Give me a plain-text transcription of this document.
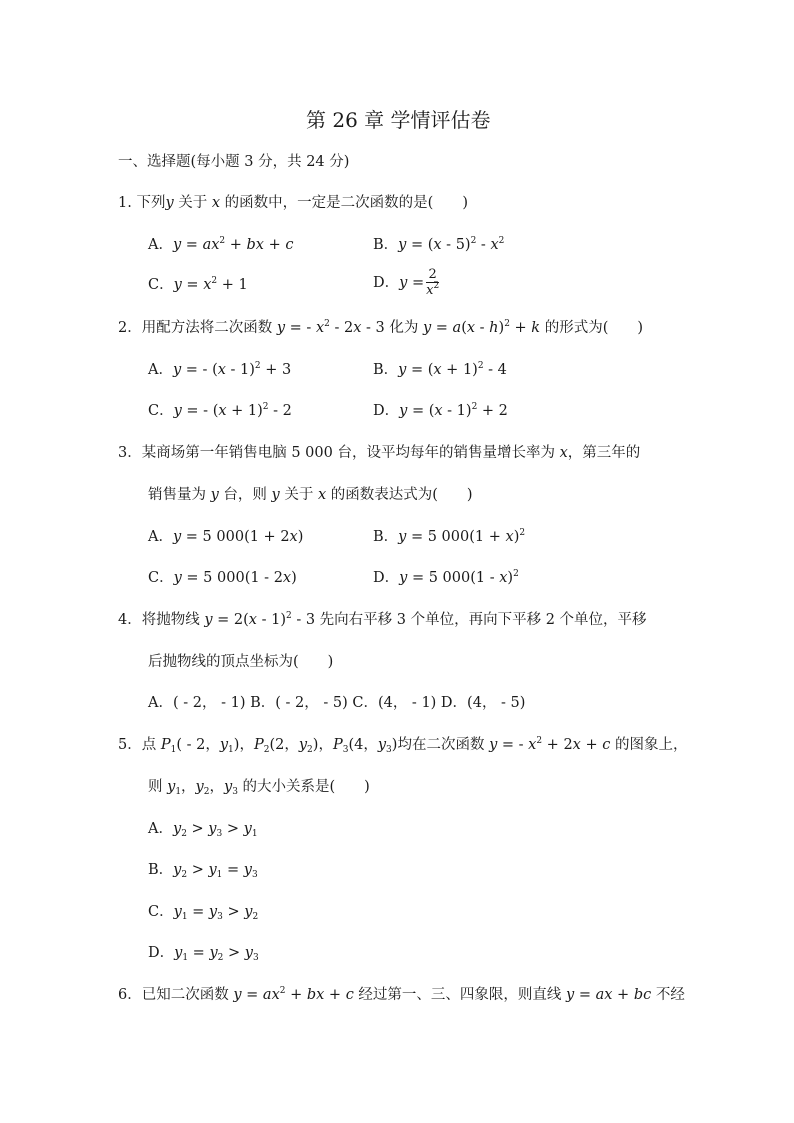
第 26 章 学情评估卷
一、选择题(每小题 3 分，共 24 分)
1. 下列y 关于 x 的函数中，一定是二次函数的是(　　)
A．$y = ax^2$ + bx + c	B．$y = (x - 5)^2 - x^2$
C．$y = x^2 + 1$	D．$y = \frac{2}{x^2}$
2．用配方法将二次函数 y = - $x^2 - 2x - 3$ 化为 y = a(x - h)$^2$ + k 的形式为(　　)
A．y = - (x - 1)$^2$ + 3	B．$y = (x + 1)^2 - 4$
C．y = - $(x + 1)^2 - 2$	D．y = (x - 1)$^2$ + 2
3．某商场第一年销售电脑 5 000 台，设平均每年的销售量增长率为 x，第三年的
销售量为 y 台，则 y 关于 x 的函数表达式为(　　)
A．y = 5 000(1 + 2x)	B．y = 5 $000(1 + x)^2$
C．y = 5 000(1 - 2x)	D．y = 5 000(1 - x)$^2$
4．将抛物线 y = 2(x - 1)$^2$ - 3 先向右平移 3 个单位，再向下平移 2 个单位，平移
后抛物线的顶点坐标为(　　)
A．( - 2， - 1) B．( - 2， - 5) C．(4， - 1) D．(4， - 5)
5．点 $P_1( - 2$，$y_1$)，$P_2(2$，$y_2$)，$P_3(4$，$y_3$)均在二次函数 y = - $x^2 + 2x + c$ 的图象上，
则 $y_1$，$y_2$，$y_3$ 的大小关系是(　　)
A．$y_2 > y_3 > y_1$
B．$y_2 > y_1 = y_3$
C．$y_1 = y_3 > y_2$
D．$y_1 = y_2 > y_3$
6．已知二次函数 $y = ax^2$ + bx + c 经过第一、三、四象限，则直线 y = ax + bc 不经
